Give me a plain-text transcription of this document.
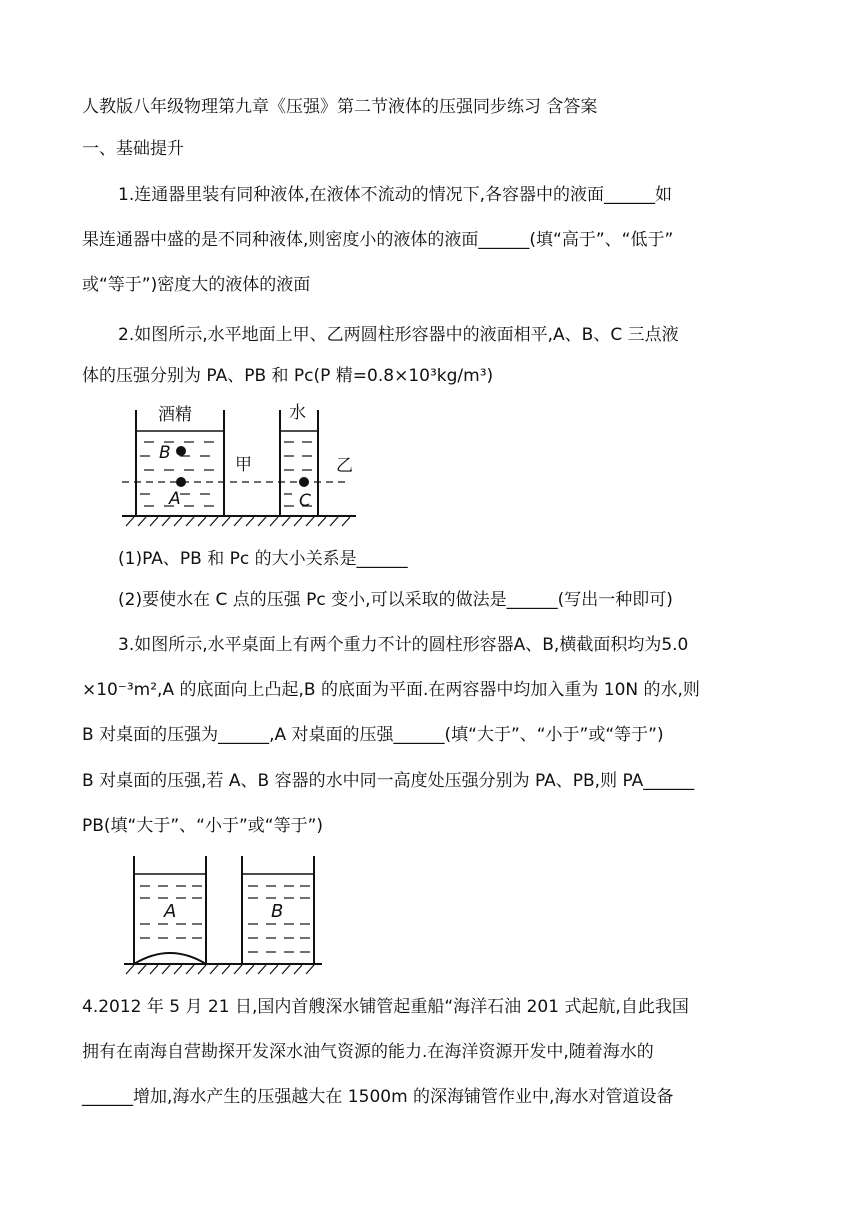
人教版八年级物理第九章《压强》第二节液体的压强同步练习 含答案
一、基础提升
1.连通器里装有同种液体,在液体不流动的情况下,各容器中的液面______如
果连通器中盛的是不同种液体,则密度小的液体的液面______(填“高于”、“低于”
或“等于”)密度大的液体的液面
2.如图所示,水平地面上甲、乙两圆柱形容器中的液面相平,A、B、C 三点液
体的压强分别为 PA、PB 和 Pc(P 精=0.8×10³kg/m³)
酒精	水
甲	乙
B
A	C
(1)PA、PB 和 Pc 的大小关系是______
(2)要使水在 C 点的压强 Pc 变小,可以采取的做法是______(写出一种即可)
3.如图所示,水平桌面上有两个重力不计的圆柱形容器A、B,横截面积均为5.0
×10⁻³m²,A 的底面向上凸起,B 的底面为平面.在两容器中均加入重为 10N 的水,则
B 对桌面的压强为______,A 对桌面的压强______(填“大于”、“小于”或“等于”)
B 对桌面的压强,若 A、B 容器的水中同一高度处压强分别为 PA、PB,则 PA______
PB(填“大于”、“小于”或“等于”)
A	B
4.2012 年 5 月 21 日,国内首艘深水铺管起重船“海洋石油 201 式起航,自此我国
拥有在南海自营勘探开发深水油气资源的能力.在海洋资源开发中,随着海水的
______增加,海水产生的压强越大在 1500m 的深海铺管作业中,海水对管道设备
